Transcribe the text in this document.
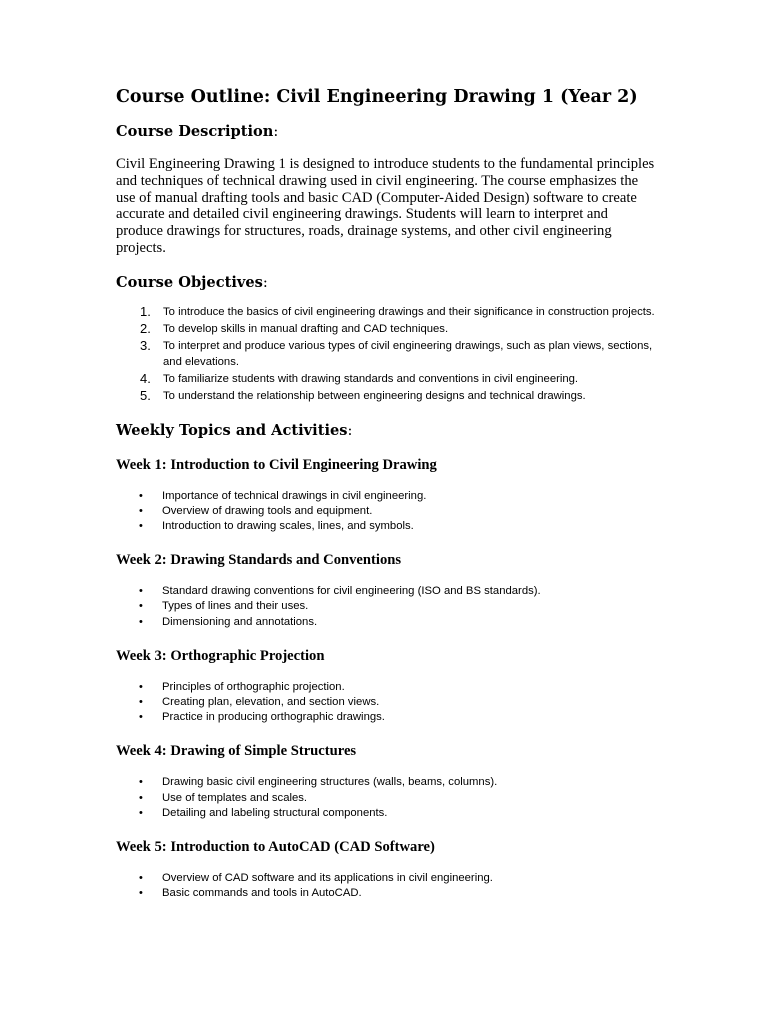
Course Outline: Civil Engineering Drawing 1 (Year 2)
Course Description:

Civil Engineering Drawing 1 is designed to introduce students to the fundamental principles and techniques of technical drawing used in civil engineering. The course emphasizes the use of manual drafting tools and basic CAD (Computer-Aided Design) software to create accurate and detailed civil engineering drawings. Students will learn to interpret and produce drawings for structures, roads, drainage systems, and other civil engineering projects.

Course Objectives:
1. To introduce the basics of civil engineering drawings and their significance in construction projects.
2. To develop skills in manual drafting and CAD techniques.
3. To interpret and produce various types of civil engineering drawings, such as plan views, sections, and elevations.
4. To familiarize students with drawing standards and conventions in civil engineering.
5. To understand the relationship between engineering designs and technical drawings.
Weekly Topics and Activities:
Week 1: Introduction to Civil Engineering Drawing
• Importance of technical drawings in civil engineering.
• Overview of drawing tools and equipment.
• Introduction to drawing scales, lines, and symbols.
Week 2: Drawing Standards and Conventions
• Standard drawing conventions for civil engineering (ISO and BS standards).
• Types of lines and their uses.
• Dimensioning and annotations.
Week 3: Orthographic Projection
• Principles of orthographic projection.
• Creating plan, elevation, and section views.
• Practice in producing orthographic drawings.
Week 4: Drawing of Simple Structures
• Drawing basic civil engineering structures (walls, beams, columns).
• Use of templates and scales.
• Detailing and labeling structural components.
Week 5: Introduction to AutoCAD (CAD Software)
• Overview of CAD software and its applications in civil engineering.
• Basic commands and tools in AutoCAD.
